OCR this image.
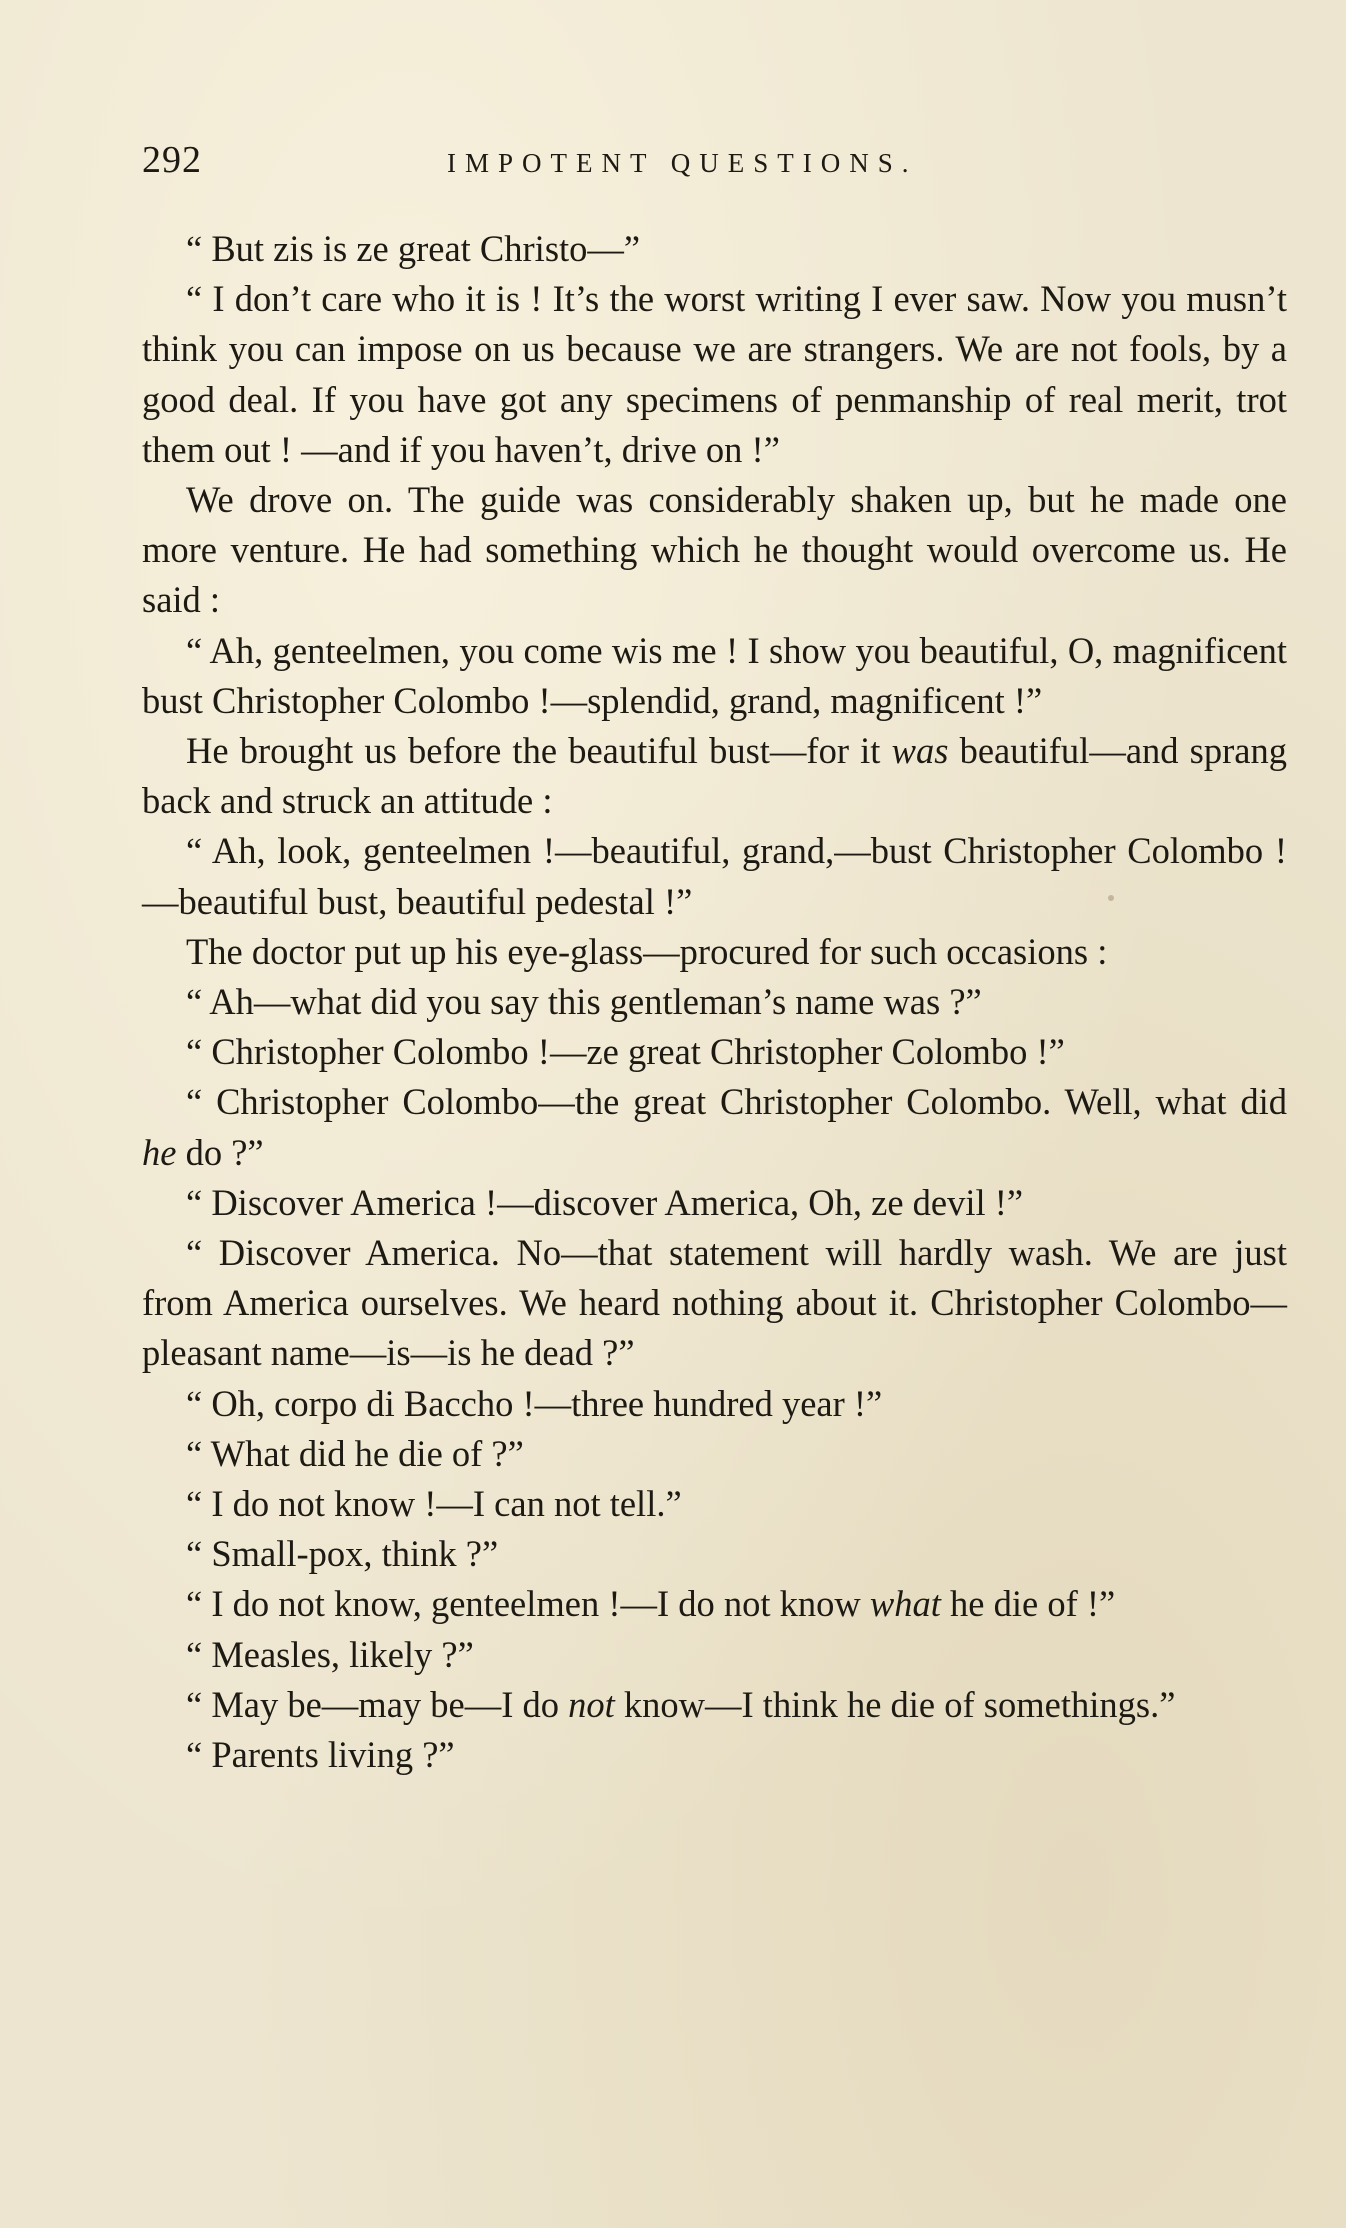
292	IMPOTENT QUESTIONS.

“ But zis is ze great Christo—”

“ I don’t care who it is ! It’s the worst writing I ever saw. Now you musn’t think you can impose on us because we are strangers. We are not fools, by a good deal. If you have got any specimens of penmanship of real merit, trot them out ! —and if you haven’t, drive on !”

We drove on. The guide was considerably shaken up, but he made one more venture. He had something which he thought would overcome us. He said :

“ Ah, genteelmen, you come wis me ! I show you beautiful, O, magnificent bust Christopher Colombo !—splendid, grand, magnificent !”

He brought us before the beautiful bust—for it was beautiful—and sprang back and struck an attitude :

“ Ah, look, genteelmen !—beautiful, grand,—bust Christopher Colombo !—beautiful bust, beautiful pedestal !”

The doctor put up his eye-glass—procured for such occasions :

“ Ah—what did you say this gentleman’s name was ?”

“ Christopher Colombo !—ze great Christopher Colombo !”

“ Christopher Colombo—the great Christopher Colombo. Well, what did he do ?”

“ Discover America !—discover America, Oh, ze devil !”

“ Discover America. No—that statement will hardly wash. We are just from America ourselves. We heard nothing about it. Christopher Colombo—pleasant name—is—is he dead ?”

“ Oh, corpo di Baccho !—three hundred year !”

“ What did he die of ?”

“ I do not know !—I can not tell.”

“ Small-pox, think ?”

“ I do not know, genteelmen !—I do not know what he die of !”

“ Measles, likely ?”

“ May be—may be—I do not know—I think he die of somethings.”

“ Parents living ?”
